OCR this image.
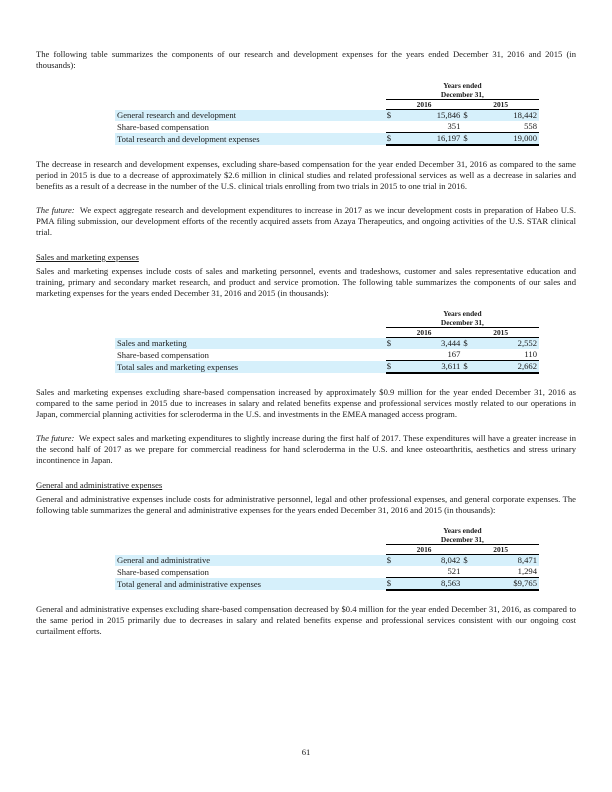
The following table summarizes the components of our research and development expenses for the years ended December 31, 2016 and 2015 (in thousands):

	Years ended			
	December 31,			
	2016		2015	
General research and development	$	15,846	$	18,442
Share-based compensation		351		558
Total research and development expenses	$	16,197	$	19,000

The decrease in research and development expenses, excluding share-based compensation for the year ended December 31, 2016 as compared to the same period in 2015 is due to a decrease of approximately $2.6 million in clinical studies and related professional services as well as a decrease in salaries and benefits as a result of a decrease in the number of the U.S. clinical trials enrolling from two trials in 2015 to one trial in 2016.

The future: We expect aggregate research and development expenditures to increase in 2017 as we incur development costs in preparation of Habeo U.S. PMA filing submission, our development efforts of the recently acquired assets from Azaya Therapeutics, and ongoing activities of the U.S. STAR clinical trial.

Sales and marketing expenses

Sales and marketing expenses include costs of sales and marketing personnel, events and tradeshows, customer and sales representative education and training, primary and secondary market research, and product and service promotion. The following table summarizes the components of our sales and marketing expenses for the years ended December 31, 2016 and 2015 (in thousands):

	Years ended			
	December 31,			
	2016		2015	
Sales and marketing	$	3,444	$	2,552
Share-based compensation		167		110
Total sales and marketing expenses	$	3,611	$	2,662

Sales and marketing expenses excluding share-based compensation increased by approximately $0.9 million for the year ended December 31, 2016 as compared to the same period in 2015 due to increases in salary and related benefits expense and professional services mostly related to our operations in Japan, commercial planning activities for scleroderma in the U.S. and investments in the EMEA managed access program.

The future: We expect sales and marketing expenditures to slightly increase during the first half of 2017. These expenditures will have a greater increase in the second half of 2017 as we prepare for commercial readiness for hand scleroderma in the U.S. and knee osteoarthritis, aesthetics and stress urinary incontinence in Japan.

General and administrative expenses

General and administrative expenses include costs for administrative personnel, legal and other professional expenses, and general corporate expenses. The following table summarizes the general and administrative expenses for the years ended December 31, 2016 and 2015 (in thousands):

	Years ended			
	December 31,			
	2016		2015	
General and administrative	$	8,042	$	8,471
Share-based compensation		521		1,294
Total general and administrative expenses	$	8,563		$9,765

General and administrative expenses excluding share-based compensation decreased by $0.4 million for the year ended December 31, 2016, as compared to the same period in 2015 primarily due to decreases in salary and related benefits expense and professional services consistent with our ongoing cost curtailment efforts.

61
